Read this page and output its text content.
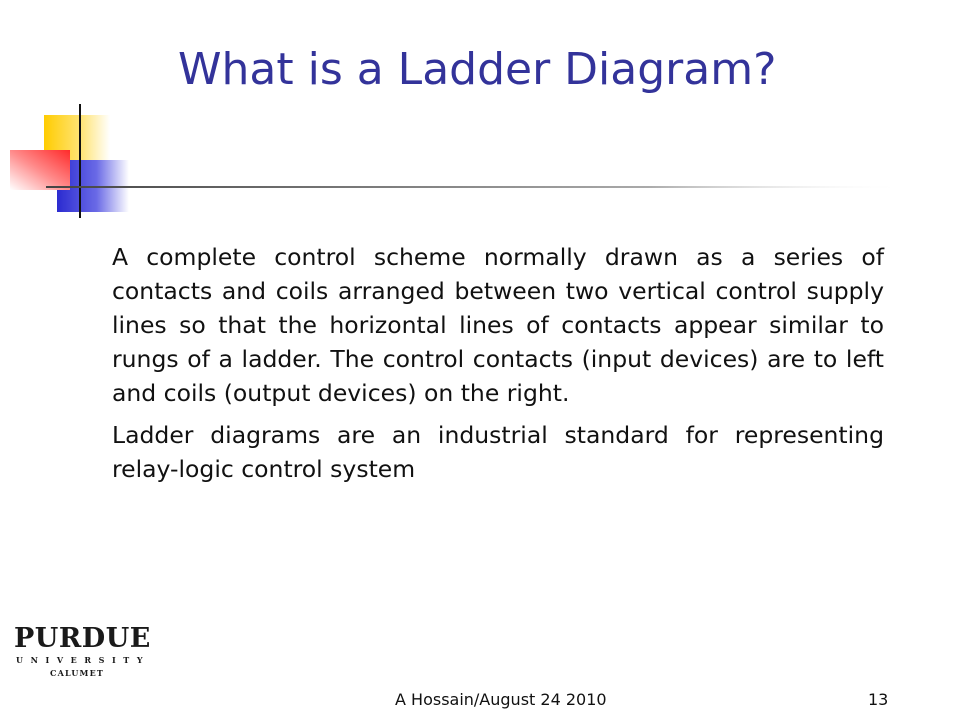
What is a Ladder Diagram?

A complete control scheme normally drawn as a series of contacts and coils arranged between two vertical control supply lines so that the horizontal lines of contacts appear similar to rungs of a ladder. The control contacts (input devices) are to left and coils (output devices) on the right.

Ladder diagrams are an industrial standard for representing relay-logic control system

PURDUE
UNIVERSITY
CALUMET
A Hossain/August 24 2010	13
